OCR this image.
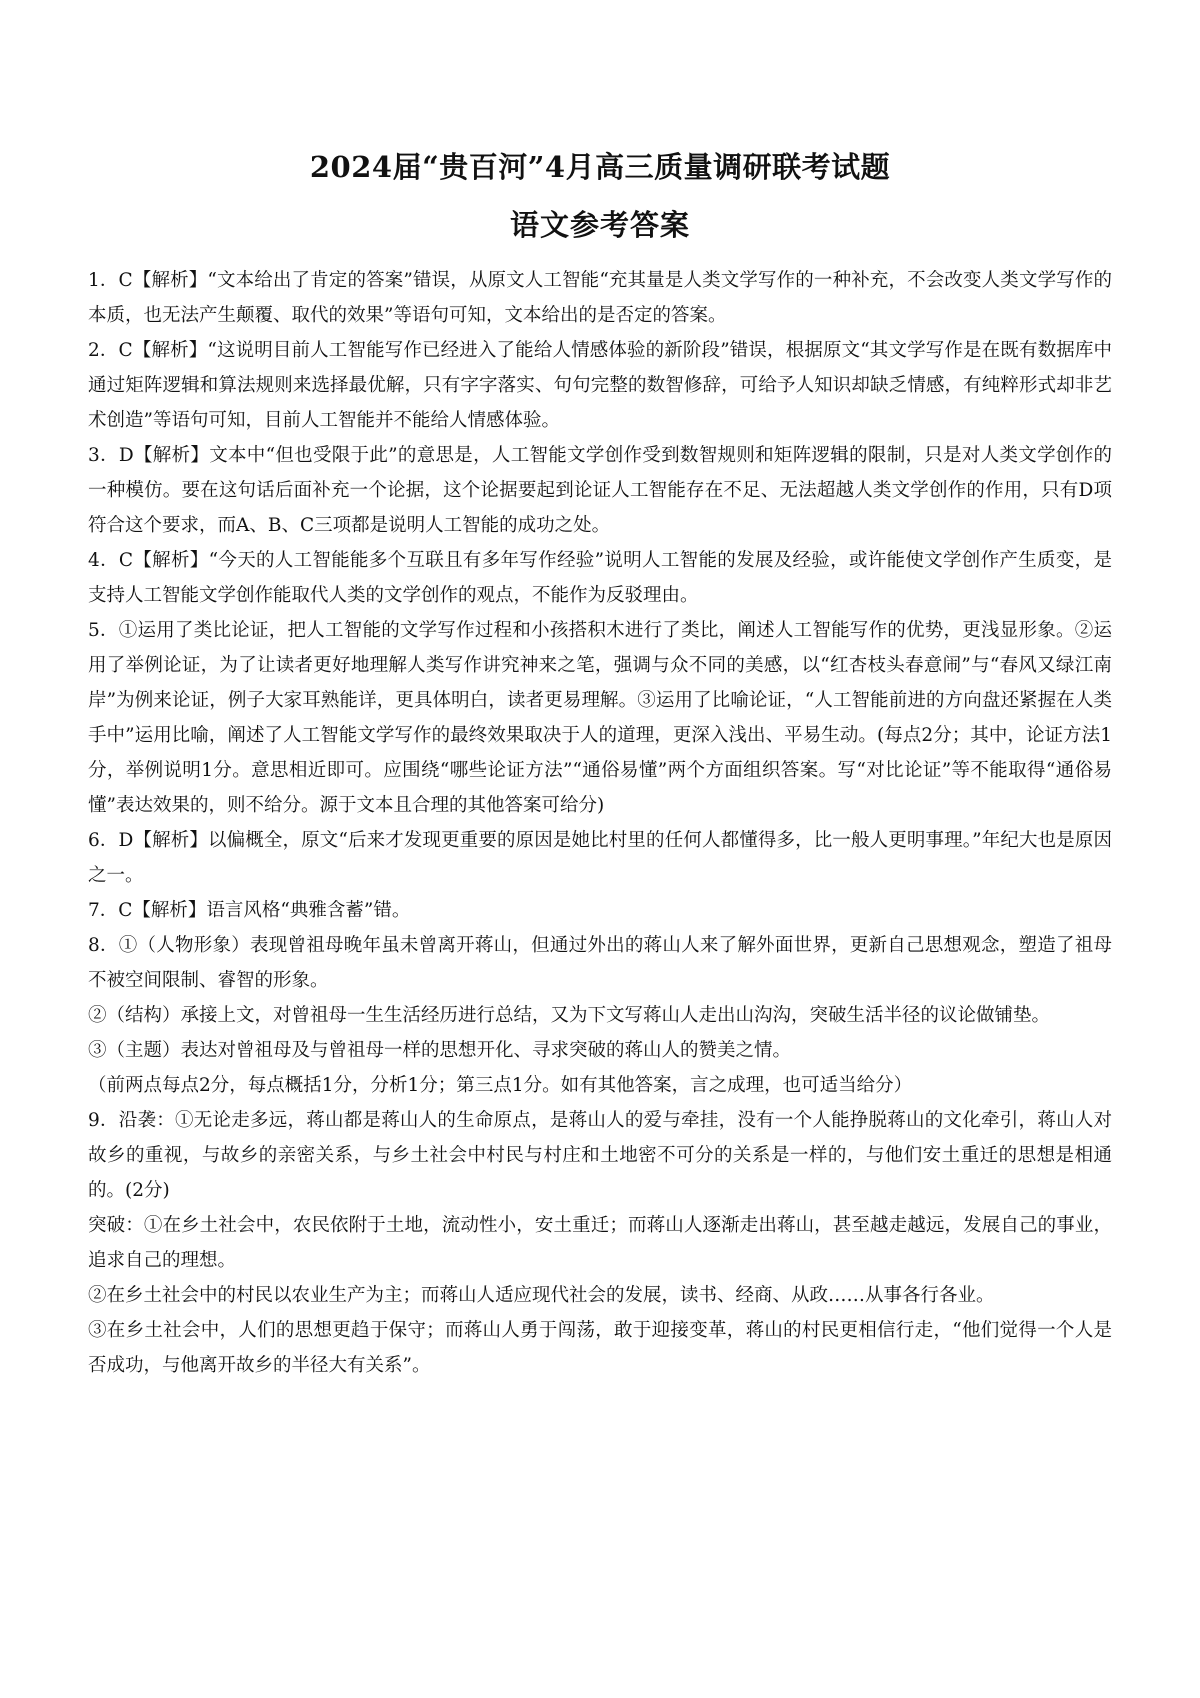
2024届“贵百河”4月高三质量调研联考试题
语文参考答案

1．C【解析】“文本给出了肯定的答案”错误，从原文人工智能“充其量是人类文学写作的一种补充，不会改变人类文学写作的本质，也无法产生颠覆、取代的效果”等语句可知，文本给出的是否定的答案。

2．C【解析】“这说明目前人工智能写作已经进入了能给人情感体验的新阶段”错误，根据原文“其文学写作是在既有数据库中通过矩阵逻辑和算法规则来选择最优解，只有字字落实、句句完整的数智修辞，可给予人知识却缺乏情感，有纯粹形式却非艺术创造”等语句可知，目前人工智能并不能给人情感体验。

3．D【解析】文本中“但也受限于此”的意思是，人工智能文学创作受到数智规则和矩阵逻辑的限制，只是对人类文学创作的一种模仿。要在这句话后面补充一个论据，这个论据要起到论证人工智能存在不足、无法超越人类文学创作的作用，只有D项符合这个要求，而A、B、C三项都是说明人工智能的成功之处。

4．C【解析】“今天的人工智能能多个互联且有多年写作经验”说明人工智能的发展及经验，或许能使文学创作产生质变，是支持人工智能文学创作能取代人类的文学创作的观点，不能作为反驳理由。

5．①运用了类比论证，把人工智能的文学写作过程和小孩搭积木进行了类比，阐述人工智能写作的优势，更浅显形象。②运用了举例论证，为了让读者更好地理解人类写作讲究神来之笔，强调与众不同的美感，以“红杏枝头春意闹”与“春风又绿江南岸”为例来论证，例子大家耳熟能详，更具体明白，读者更易理解。③运用了比喻论证，“人工智能前进的方向盘还紧握在人类手中”运用比喻，阐述了人工智能文学写作的最终效果取决于人的道理，更深入浅出、平易生动。(每点2分；其中，论证方法1分，举例说明1分。意思相近即可。应围绕“哪些论证方法”“通俗易懂”两个方面组织答案。写“对比论证”等不能取得“通俗易懂”表达效果的，则不给分。源于文本且合理的其他答案可给分)

6．D【解析】以偏概全，原文“后来才发现更重要的原因是她比村里的任何人都懂得多，比一般人更明事理。”年纪大也是原因之一。

7．C【解析】语言风格“典雅含蓄”错。

8．①（人物形象）表现曾祖母晚年虽未曾离开蒋山，但通过外出的蒋山人来了解外面世界，更新自己思想观念，塑造了祖母不被空间限制、睿智的形象。

②（结构）承接上文，对曾祖母一生生活经历进行总结，又为下文写蒋山人走出山沟沟，突破生活半径的议论做铺垫。

③（主题）表达对曾祖母及与曾祖母一样的思想开化、寻求突破的蒋山人的赞美之情。

（前两点每点2分，每点概括1分，分析1分；第三点1分。如有其他答案，言之成理，也可适当给分）

9．沿袭：①无论走多远，蒋山都是蒋山人的生命原点，是蒋山人的爱与牵挂，没有一个人能挣脱蒋山的文化牵引，蒋山人对故乡的重视，与故乡的亲密关系，与乡土社会中村民与村庄和土地密不可分的关系是一样的，与他们安土重迁的思想是相通的。(2分)

突破：①在乡土社会中，农民依附于土地，流动性小，安土重迁；而蒋山人逐渐走出蒋山，甚至越走越远，发展自己的事业，追求自己的理想。

②在乡土社会中的村民以农业生产为主；而蒋山人适应现代社会的发展，读书、经商、从政……从事各行各业。

③在乡土社会中，人们的思想更趋于保守；而蒋山人勇于闯荡，敢于迎接变革，蒋山的村民更相信行走，“他们觉得一个人是否成功，与他离开故乡的半径大有关系”。
